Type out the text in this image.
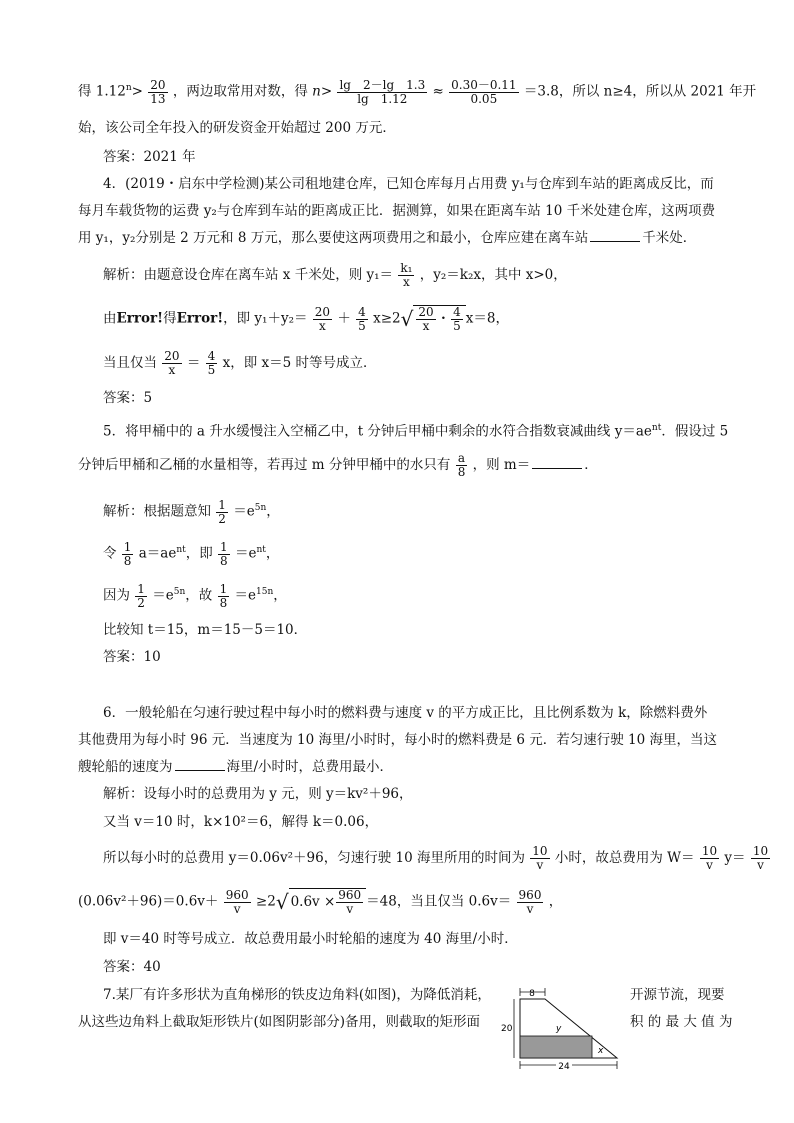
得 $1.12^n> \frac{20}{13}$ ，两边取常用对数，得 $n> \frac{\lg 2-\lg 1.3}{\lg 1.12} \approx \frac{0.30-0.11}{0.05} =3.8$，所以 n≥4，所以从 2021 年开
始，该公司全年投入的研发资金开始超过 200 万元．
答案：2021 年
4．(2019・启东中学检测)某公司租地建仓库，已知仓库每月占用费 y₁与仓库到车站的距离成反比，而
每月车载货物的运费 y₂与仓库到车站的距离成正比．据测算，如果在距离车站 10 千米处建仓库，这两项费
用 y₁，y₂分别是 2 万元和 8 万元，那么要使这两项费用之和最小，仓库应建在离车站	千米处．
解析：由题意设仓库在离车站 x 千米处，则 $y_1= \frac{\text{k₁}}{x}$ ，y₂＝k₂x，其中 x>0，
由Error!得Error!，即 $y_1+y_2= \frac{20}{x} + \frac{4}{5} x\ge 2√ \frac{20}{x}$ ・ $\frac{4}{5} x=8$，
当且仅当 $\frac{20}{x} = \frac{4}{5}$ x，即 x＝5 时等号成立．
答案：5
5．将甲桶中的 a 升水缓慢注入空桶乙中，t 分钟后甲桶中剩余的水符合指数衰减曲线 $y=ae^{nt}$．假设过 5
分钟后甲桶和乙桶的水量相等，若再过 m 分钟甲桶中的水只有 $\frac{a}{8}$ ，则 m＝	．
解析：根据题意知 $\frac{1}{2} =e^{5n}$，
令 $\frac{1}{8} a=ae^{nt}$，即 $\frac{1}{8} =e^{nt}$，
因为 $\frac{1}{2} =e^{5n}$，故 $\frac{1}{8} =e^{15n}$，
比较知 t＝15，m＝15－5＝10．
答案：10
6．一般轮船在匀速行驶过程中每小时的燃料费与速度 v 的平方成正比，且比例系数为 k，除燃料费外
其他费用为每小时 96 元．当速度为 10 海里/小时时，每小时的燃料费是 6 元．若匀速行驶 10 海里，当这
艘轮船的速度为	海里/小时时，总费用最小．
解析：设每小时的总费用为 y 元，则 y＝kv²＋96，
又当 v＝10 时，k×10²＝6，解得 k＝0.06，
所以每小时的总费用 y＝0.06v²＋96，匀速行驶 10 海里所用的时间为 $\frac{10}{v}$ 小时，故总费用为 $W= \frac{10}{v} y= \frac{10}{v}$
$(0.06v^2+96)=0.6v+ \frac{960}{v} \ge 2√$ $0.6v \times \frac{960}{v} =48$，当且仅当 $0.6v= \frac{960}{v}$ ，
即 v＝40 时等号成立．故总费用最小时轮船的速度为 40 海里/小时．
答案：40
7.某厂有许多形状为直角梯形的铁皮边角料(如图)，为降低消耗，	开源节流，现要
从这些边角料上截取矩形铁片(如图阴影部分)备用，则截取的矩形面	积 的 最 大 值 为
8
20	y
x
24
